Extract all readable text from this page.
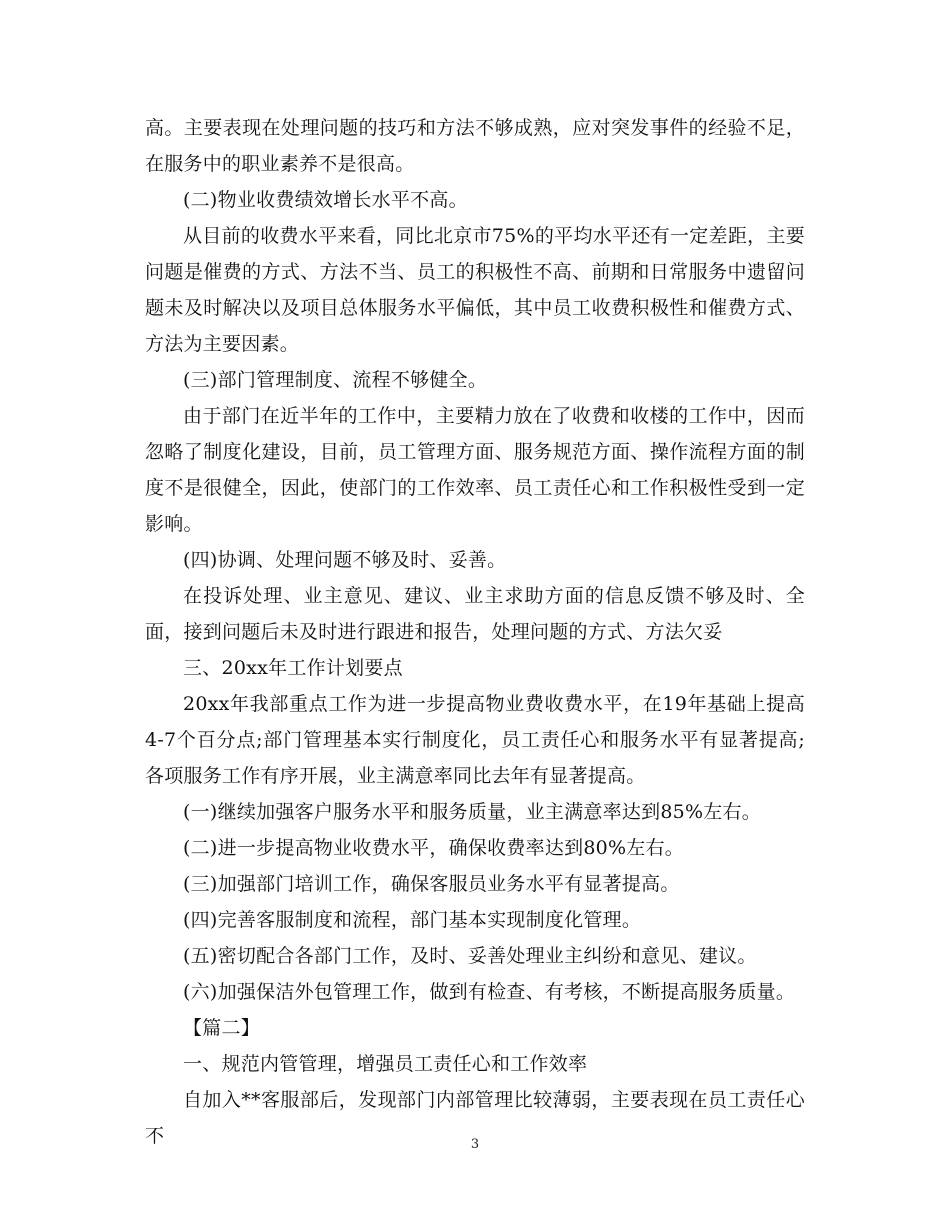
高。主要表现在处理问题的技巧和方法不够成熟，应对突发事件的经验不足，在服务中的职业素养不是很高。

(二)物业收费绩效增长水平不高。

从目前的收费水平来看，同比北京市75%的平均水平还有一定差距，主要问题是催费的方式、方法不当、员工的积极性不高、前期和日常服务中遗留问题未及时解决以及项目总体服务水平偏低，其中员工收费积极性和催费方式、方法为主要因素。

(三)部门管理制度、流程不够健全。

由于部门在近半年的工作中，主要精力放在了收费和收楼的工作中，因而忽略了制度化建设，目前，员工管理方面、服务规范方面、操作流程方面的制度不是很健全，因此，使部门的工作效率、员工责任心和工作积极性受到一定影响。

(四)协调、处理问题不够及时、妥善。

在投诉处理、业主意见、建议、业主求助方面的信息反馈不够及时、全面，接到问题后未及时进行跟进和报告，处理问题的方式、方法欠妥

三、20xx年工作计划要点

20xx年我部重点工作为进一步提高物业费收费水平，在19年基础上提高4-7个百分点;部门管理基本实行制度化，员工责任心和服务水平有显著提高;各项服务工作有序开展，业主满意率同比去年有显著提高。

(一)继续加强客户服务水平和服务质量，业主满意率达到85%左右。

(二)进一步提高物业收费水平，确保收费率达到80%左右。

(三)加强部门培训工作，确保客服员业务水平有显著提高。

(四)完善客服制度和流程，部门基本实现制度化管理。

(五)密切配合各部门工作，及时、妥善处理业主纠纷和意见、建议。

(六)加强保洁外包管理工作，做到有检查、有考核，不断提高服务质量。

【篇二】

一、规范内管管理，增强员工责任心和工作效率

自加入**客服部后，发现部门内部管理比较薄弱，主要表现在员工责任心不	3
